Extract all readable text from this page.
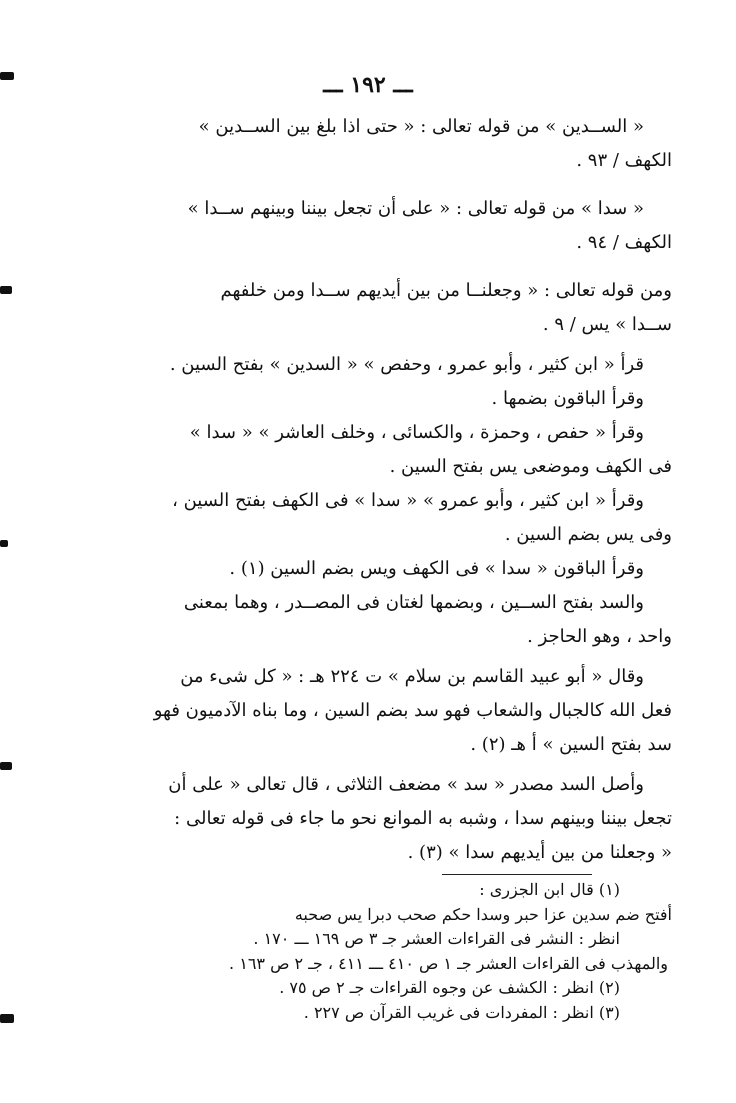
ـــ ١٩٢ ـــ
« الســدين » من قوله تعالى : « حتى اذا بلغ بين الســدين »
الكهف / ٩٣ .
« سدا » من قوله تعالى : « على أن تجعل بيننا وبينهم ســدا »
الكهف / ٩٤ .
ومن قوله تعالى : « وجعلنــا من بين أيديهم ســدا ومن خلفهم
ســدا » يس / ٩ .
قرأ « ابن كثير ، وأبو عمرو ، وحفص » « السدين » بفتح السين .
وقرأ الباقون بضمها .
وقرأ « حفص ، وحمزة ، والكسائى ، وخلف العاشر » « سدا »
فى الكهف وموضعى يس بفتح السين .
وقرأ « ابن كثير ، وأبو عمرو » « سدا » فى الكهف بفتح السين ،
وفى يس بضم السين .
وقرأ الباقون « سدا » فى الكهف ويس بضم السين (١) .
والسد بفتح الســين ، وبضمها لغتان فى المصــدر ، وهما بمعنى
واحد ، وهو الحاجز .
وقال « أبو عبيد القاسم بن سلام » ت ٢٢٤ هـ : « كل شىء من
فعل الله كالجبال والشعاب فهو سد بضم السين ، وما بناه الآدميون فهو
سد بفتح السين » أ هـ (٢) .
وأصل السد مصدر « سد » مضعف الثلاثى ، قال تعالى « على أن
تجعل بيننا وبينهم سدا ، وشبه به الموانع نحو ما جاء فى قوله تعالى :
« وجعلنا من بين أيديهم سدا » (٣) .
(١) قال ابن الجزرى :
أفتح ضم سدين عزا حبر وسدا حكم صحب دبرا يس صحبه
انظر : النشر فى القراءات العشر جـ ٣ ص ١٦٩ ـــ ١٧٠ .
والمهذب فى القراءات العشر جـ ١ ص ٤١٠ ـــ ٤١١ ، جـ ٢ ص ١٦٣ .
(٢) انظر : الكشف عن وجوه القراءات جـ ٢ ص ٧٥ .
(٣) انظر : المفردات فى غريب القرآن ص ٢٢٧ .
